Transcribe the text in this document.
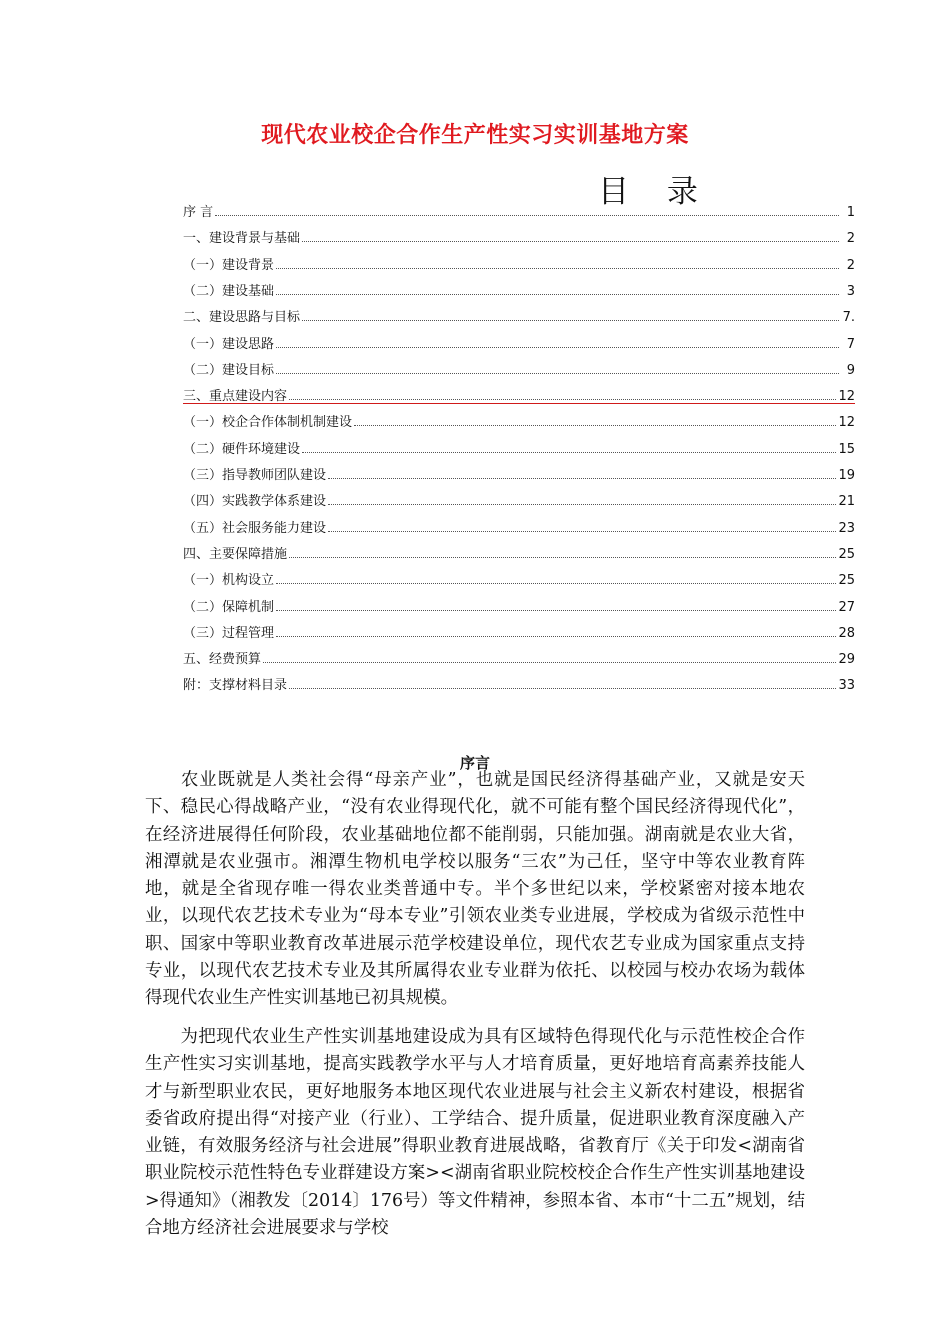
现代农业校企合作生产性实习实训基地方案
目 录
序 言	1
一、建设背景与基础	2
（一）建设背景	2
（二）建设基础	3
二、建设思路与目标	7.
（一）建设思路	7
（二）建设目标	9
三、重点建设内容	12
（一）校企合作体制机制建设	12
（二）硬件环境建设	15
（三）指导教师团队建设	19
（四）实践教学体系建设	21
（五）社会服务能力建设	23
四、主要保障措施	25
（一）机构设立	25
（二）保障机制	27
（三）过程管理	28
五、经费预算	29
附：支撑材料目录	33
序言
农业既就是人类社会得“母亲产业”，也就是国民经济得基础产业，又就是安天下、稳民心得战略产业，“没有农业得现代化，就不可能有整个国民经济得现代化”，在经济进展得任何阶段，农业基础地位都不能削弱，只能加强。湖南就是农业大省，湘潭就是农业强市。湘潭生物机电学校以服务“三农”为己任，坚守中等农业教育阵地，就是全省现存唯一得农业类普通中专。半个多世纪以来，学校紧密对接本地农业，以现代农艺技术专业为“母本专业”引领农业类专业进展，学校成为省级示范性中职、国家中等职业教育改革进展示范学校建设单位，现代农艺专业成为国家重点支持专业，以现代农艺技术专业及其所属得农业专业群为依托、以校园与校办农场为载体得现代农业生产性实训基地已初具规模。
为把现代农业生产性实训基地建设成为具有区域特色得现代化与示范性校企合作生产性实习实训基地，提高实践教学水平与人才培育质量，更好地培育高素养技能人才与新型职业农民，更好地服务本地区现代农业进展与社会主义新农村建设，根据省委省政府提出得“对接产业（行业）、工学结合、提升质量，促进职业教育深度融入产业链，有效服务经济与社会进展”得职业教育进展战略，省教育厅《关于印发<湖南省职业院校示范性特色专业群建设方案><湖南省职业院校校企合作生产性实训基地建设>得通知》（湘教发〔2014〕176号）等文件精神，参照本省、本市“十二五”规划，结合地方经济社会进展要求与学校
